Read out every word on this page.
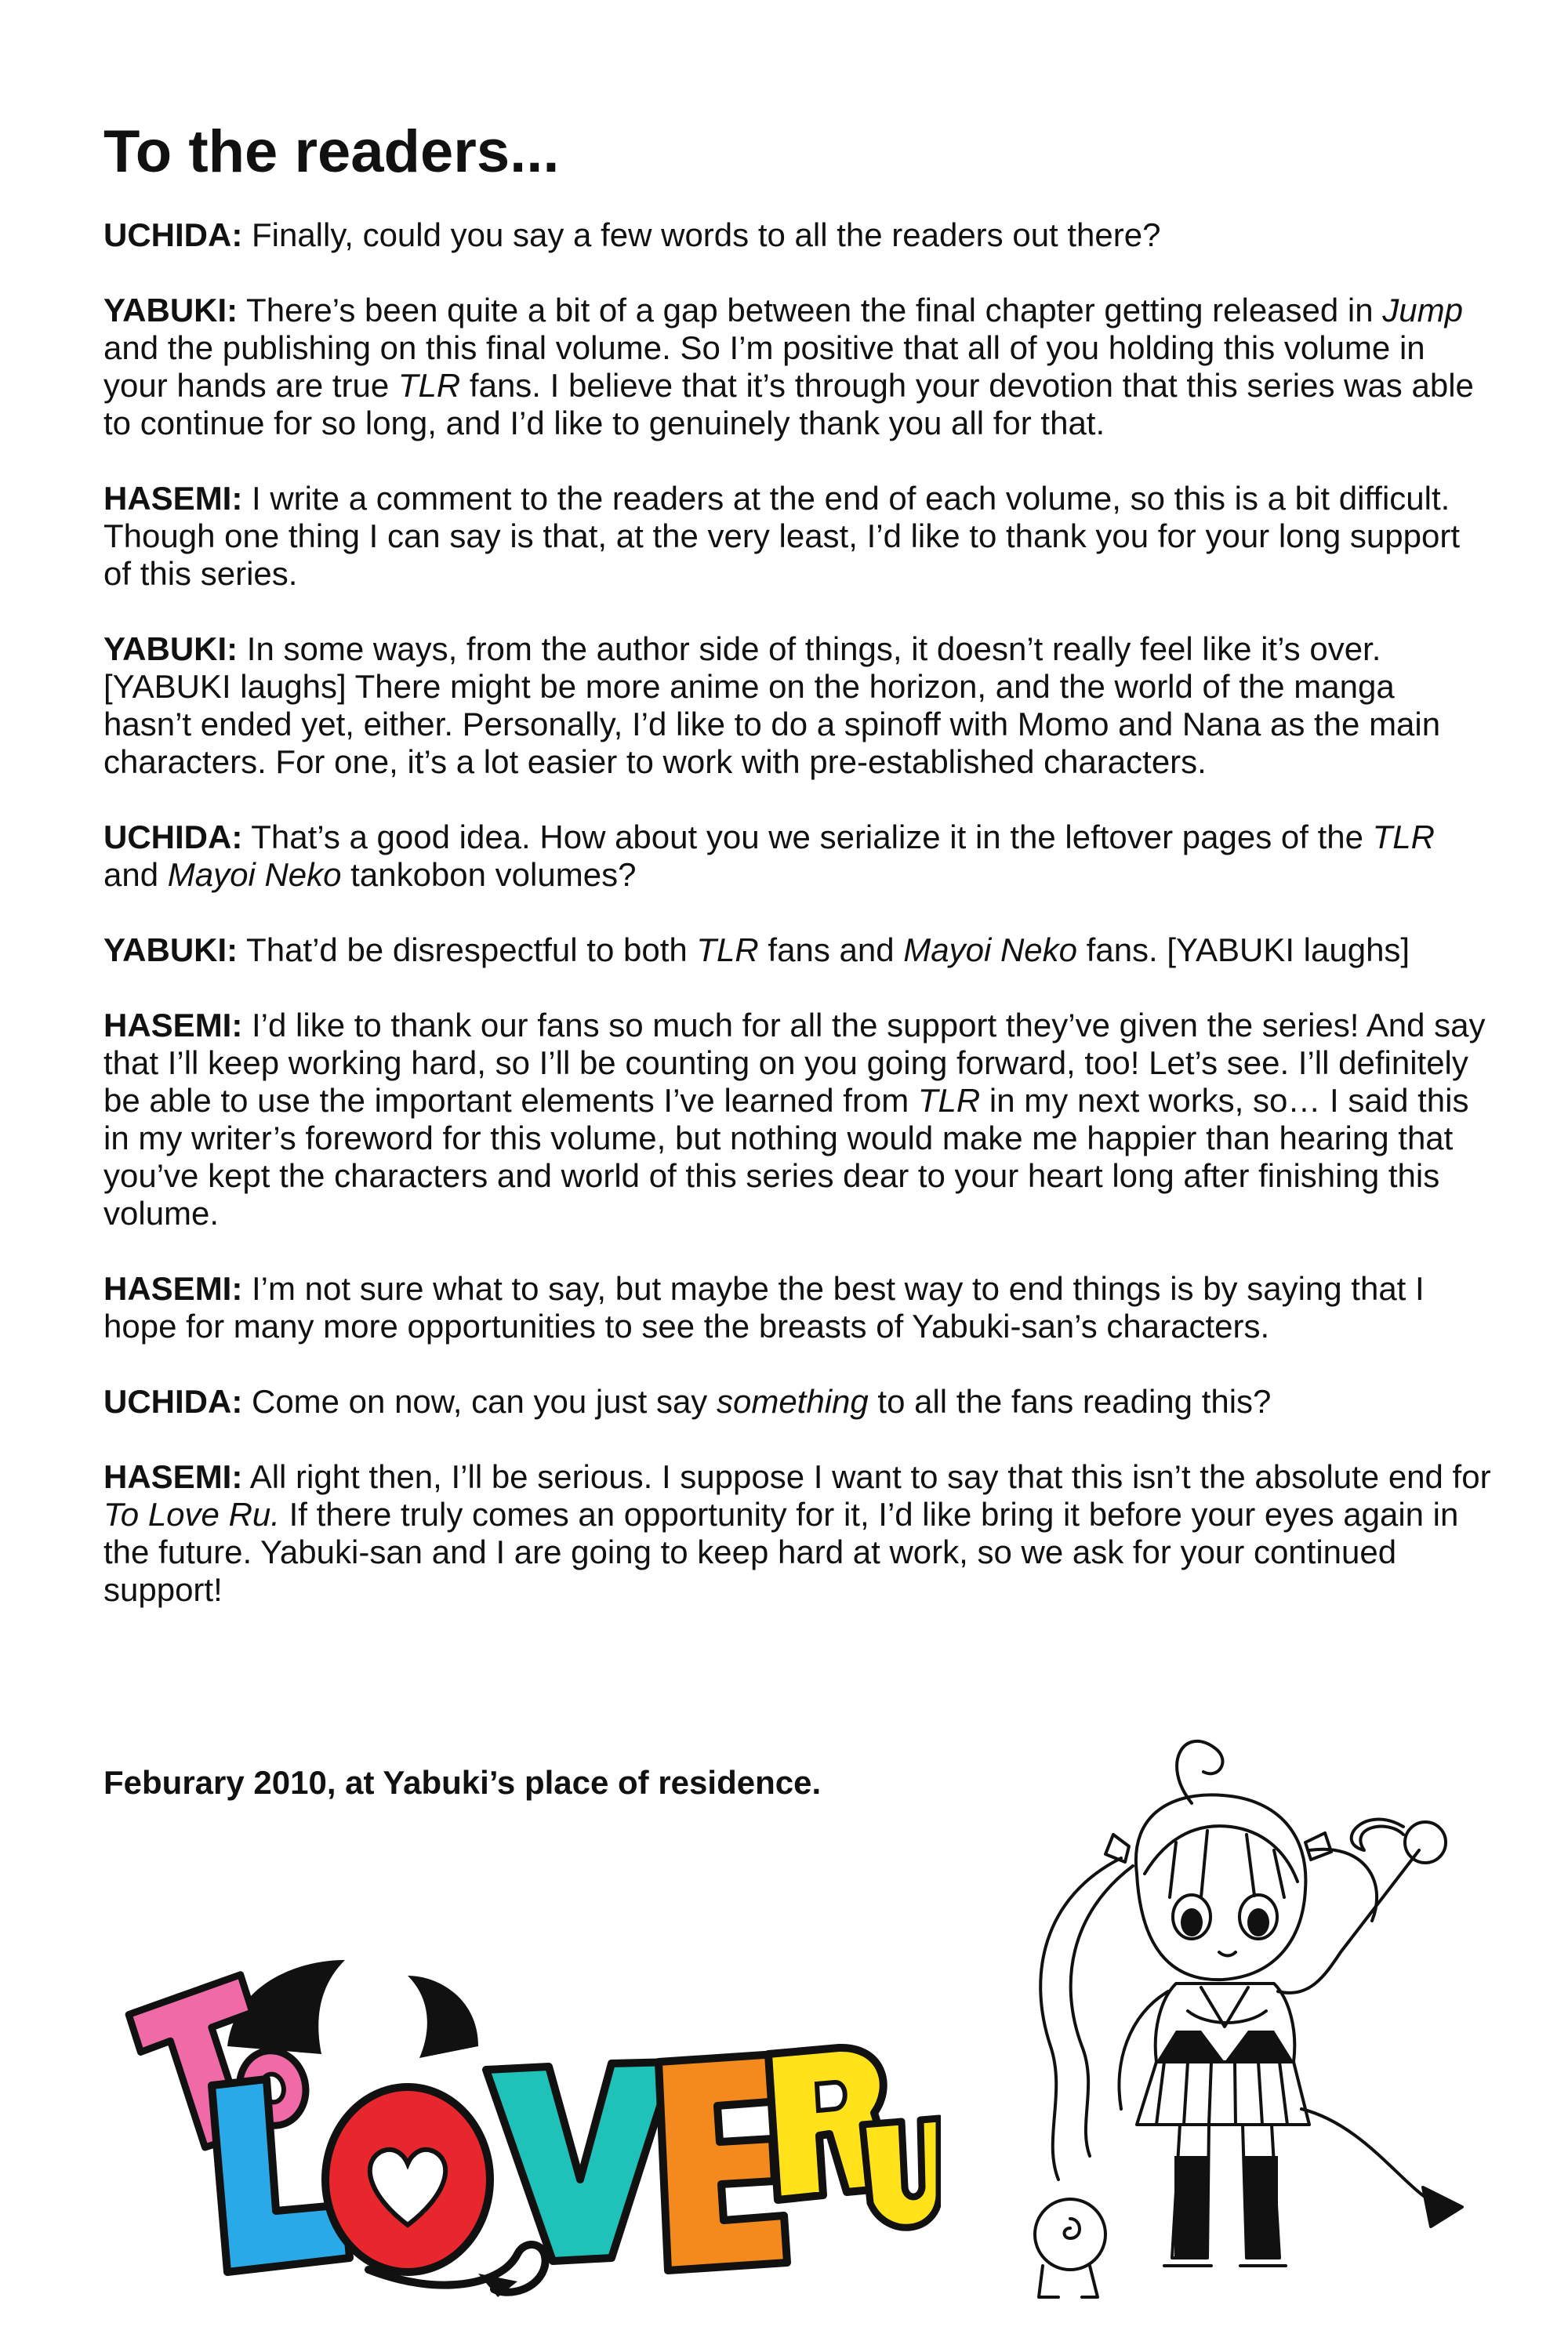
To the readers...

UCHIDA: Finally, could you say a few words to all the readers out there?

YABUKI: There’s been quite a bit of a gap between the final chapter getting released in Jump and the publishing on this final volume. So I’m positive that all of you holding this volume in your hands are true TLR fans. I believe that it’s through your devotion that this series was able to continue for so long, and I’d like to genuinely thank you all for that.

HASEMI: I write a comment to the readers at the end of each volume, so this is a bit difficult. Though one thing I can say is that, at the very least, I’d like to thank you for your long support of this series.

YABUKI: In some ways, from the author side of things, it doesn’t really feel like it’s over. [YABUKI laughs] There might be more anime on the horizon, and the world of the manga hasn’t ended yet, either. Personally, I’d like to do a spinoff with Momo and Nana as the main characters. For one, it’s a lot easier to work with pre-established characters.

UCHIDA: That’s a good idea. How about you we serialize it in the leftover pages of the TLR and Mayoi Neko tankobon volumes?

YABUKI: That’d be disrespectful to both TLR fans and Mayoi Neko fans. [YABUKI laughs]

HASEMI: I’d like to thank our fans so much for all the support they’ve given the series! And say that I’ll keep working hard, so I’ll be counting on you going forward, too! Let’s see. I’ll definitely be able to use the important elements I’ve learned from TLR in my next works, so… I said this in my writer’s foreword for this volume, but nothing would make me happier than hearing that you’ve kept the characters and world of this series dear to your heart long after finishing this volume.

HASEMI: I’m not sure what to say, but maybe the best way to end things is by saying that I hope for many more opportunities to see the breasts of Yabuki-san’s characters.

UCHIDA: Come on now, can you just say something to all the fans reading this?

HASEMI: All right then, I’ll be serious. I suppose I want to say that this isn’t the absolute end for To Love Ru. If there truly comes an opportunity for it, I’d like bring it before your eyes again in the future. Yabuki-san and I are going to keep hard at work, so we ask for your continued support!

Feburary 2010, at Yabuki’s place of residence.
